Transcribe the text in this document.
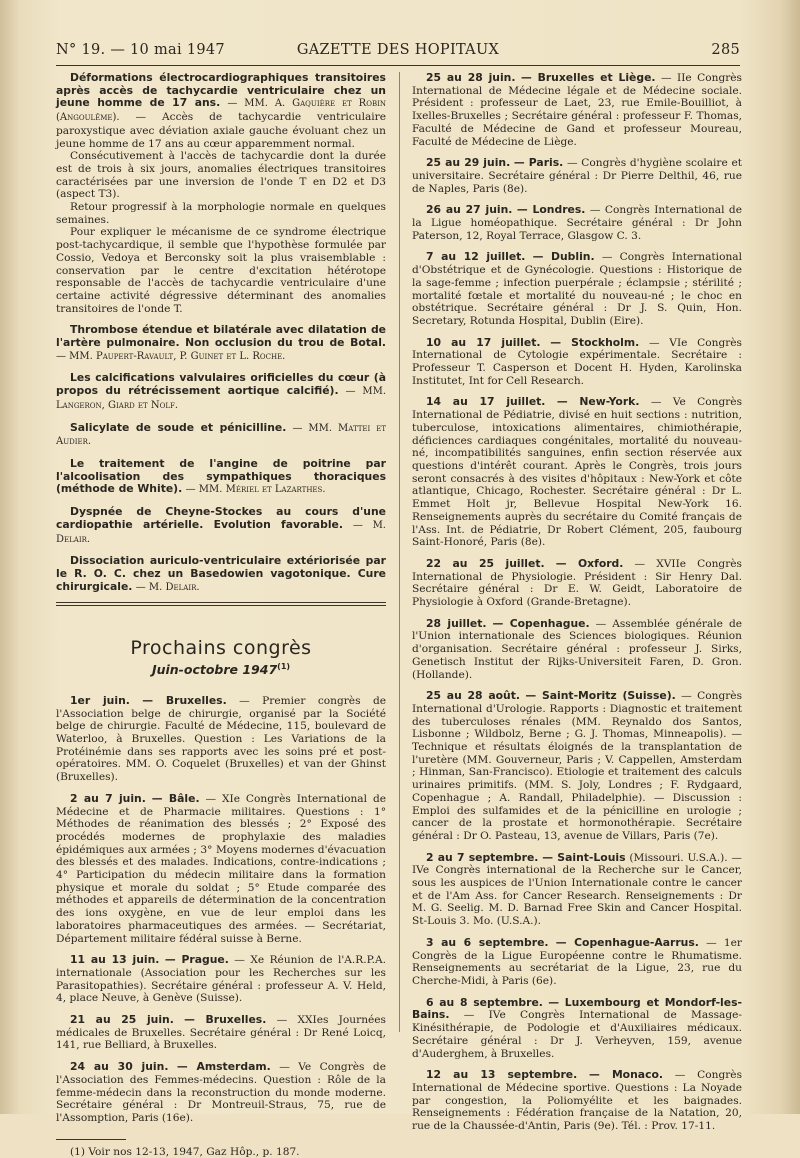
N° 19. — 10 mai 1947	GAZETTE DES HOPITAUX	285

Déformations électrocardiographiques transitoires après accès de tachycardie ventriculaire chez un jeune homme de 17 ans. — MM. A. Gaquière et Robin (Angoulême). — Accès de tachycardie ventriculaire paroxystique avec déviation axiale gauche évoluant chez un jeune homme de 17 ans au cœur apparemment normal.

Consécutivement à l'accès de tachycardie dont la durée est de trois à six jours, anomalies électriques transitoires caractérisées par une inversion de l'onde T en D2 et D3 (aspect T3).

Retour progressif à la morphologie normale en quelques semaines.

Pour expliquer le mécanisme de ce syndrome électrique post-tachycardique, il semble que l'hypothèse formulée par Cossio, Vedoya et Berconsky soit la plus vraisemblable : conservation par le centre d'excitation hétérotope responsable de l'accès de tachycardie ventriculaire d'une certaine activité dégressive déterminant des anomalies transitoires de l'onde T.

Thrombose étendue et bilatérale avec dilatation de l'artère pulmonaire. Non occlusion du trou de Botal. — MM. Paupert-Ravault, P. Guinet et L. Roche.

Les calcifications valvulaires orificielles du cœur (à propos du rétrécissement aortique calcifié). — MM. Langeron, Giard et Nolf.

Salicylate de soude et pénicilline. — MM. Mattei et Audier.

Le traitement de l'angine de poitrine par l'alcoolisation des sympathiques thoraciques (méthode de White). — MM. Mériel et Lazarthes.

Dyspnée de Cheyne-Stockes au cours d'une cardiopathie artérielle. Evolution favorable. — M. Delair.

Dissociation auriculo-ventriculaire extériorisée par le R. O. C. chez un Basedowien vagotonique. Cure chirurgicale. — M. Delair.

Prochains congrès
Juin-octobre 1947$^{(1)}$

1er juin. — Bruxelles. — Premier congrès de l'Association belge de chirurgie, organisé par la Société belge de chirurgie. Faculté de Médecine, 115, boulevard de Waterloo, à Bruxelles. Question : Les Variations de la Protéinémie dans ses rapports avec les soins pré et post-opératoires. MM. O. Coquelet (Bruxelles) et van der Ghinst (Bruxelles).

2 au 7 juin. — Bâle. — XIe Congrès International de Médecine et de Pharmacie militaires. Questions : 1° Méthodes de réanimation des blessés ; 2° Exposé des procédés modernes de prophylaxie des maladies épidémiques aux armées ; 3° Moyens modernes d'évacuation des blessés et des malades. Indications, contre-indications ; 4° Participation du médecin militaire dans la formation physique et morale du soldat ; 5° Etude comparée des méthodes et appareils de détermination de la concentration des ions oxygène, en vue de leur emploi dans les laboratoires pharmaceutiques des armées. — Secrétariat, Département militaire fédéral suisse à Berne.

11 au 13 juin. — Prague. — Xe Réunion de l'A.R.P.A. internationale (Association pour les Recherches sur les Parasitopathies). Secrétaire général : professeur A. V. Held, 4, place Neuve, à Genève (Suisse).

21 au 25 juin. — Bruxelles. — XXIes Journées médicales de Bruxelles. Secrétaire général : Dr René Loicq, 141, rue Belliard, à Bruxelles.

24 au 30 juin. — Amsterdam. — Ve Congrès de l'Association des Femmes-médecins. Question : Rôle de la femme-médecin dans la reconstruction du monde moderne. Secrétaire général : Dr Montreuil-Straus, 75, rue de l'Assomption, Paris (16e).

(1) Voir nos 12-13, 1947, Gaz Hôp., p. 187.

25 au 28 juin. — Bruxelles et Liège. — IIe Congrès International de Médecine légale et de Médecine sociale. Président : professeur de Laet, 23, rue Emile-Bouilliot, à Ixelles-Bruxelles ; Secrétaire général : professeur F. Thomas, Faculté de Médecine de Gand et professeur Moureau, Faculté de Médecine de Liège.

25 au 29 juin. — Paris. — Congrès d'hygiène scolaire et universitaire. Secrétaire général : Dr Pierre Delthil, 46, rue de Naples, Paris (8e).

26 au 27 juin. — Londres. — Congrès International de la Ligue homéopathique. Secrétaire général : Dr John Paterson, 12, Royal Terrace, Glasgow C. 3.

7 au 12 juillet. — Dublin. — Congrès International d'Obstétrique et de Gynécologie. Questions : Historique de la sage-femme ; infection puerpérale ; éclampsie ; stérilité ; mortalité fœtale et mortalité du nouveau-né ; le choc en obstétrique. Secrétaire général : Dr J. S. Quin, Hon. Secretary, Rotunda Hospital, Dublin (Eire).

10 au 17 juillet. — Stockholm. — VIe Congrès International de Cytologie expérimentale. Secrétaire : Professeur T. Casperson et Docent H. Hyden, Karolinska Institutet, Int for Cell Research.

14 au 17 juillet. — New-York. — Ve Congrès International de Pédiatrie, divisé en huit sections : nutrition, tuberculose, intoxications alimentaires, chimiothérapie, déficiences cardiaques congénitales, mortalité du nouveau-né, incompatibilités sanguines, enfin section réservée aux questions d'intérêt courant. Après le Congrès, trois jours seront consacrés à des visites d'hôpitaux : New-York et côte atlantique, Chicago, Rochester. Secrétaire général : Dr L. Emmet Holt jr, Bellevue Hospital New-York 16. Renseignements auprès du secrétaire du Comité français de l'Ass. Int. de Pédiatrie, Dr Robert Clément, 205, faubourg Saint-Honoré, Paris (8e).

22 au 25 juillet. — Oxford. — XVIIe Congrès International de Physiologie. Président : Sir Henry Dal. Secrétaire général : Dr E. W. Geidt, Laboratoire de Physiologie à Oxford (Grande-Bretagne).

28 juillet. — Copenhague. — Assemblée générale de l'Union internationale des Sciences biologiques. Réunion d'organisation. Secrétaire général : professeur J. Sirks, Genetisch Institut der Rijks-Universiteit Faren, D. Gron. (Hollande).

25 au 28 août. — Saint-Moritz (Suisse). — Congrès International d'Urologie. Rapports : Diagnostic et traitement des tuberculoses rénales (MM. Reynaldo dos Santos, Lisbonne ; Wildbolz, Berne ; G. J. Thomas, Minneapolis). — Technique et résultats éloignés de la transplantation de l'uretère (MM. Gouverneur, Paris ; V. Cappellen, Amsterdam ; Hinman, San-Francisco). Etiologie et traitement des calculs urinaires primitifs. (MM. S. Joly, Londres ; F. Rydgaard, Copenhague ; A. Randall, Philadelphie). — Discussion : Emploi des sulfamides et de la pénicilline en urologie ; cancer de la prostate et hormonothérapie. Secrétaire général : Dr O. Pasteau, 13, avenue de Villars, Paris (7e).

2 au 7 septembre. — Saint-Louis (Missouri. U.S.A.). — IVe Congrès international de la Recherche sur le Cancer, sous les auspices de l'Union Internationale contre le cancer et de l'Am Ass. for Cancer Research. Renseignements : Dr M. G. Seelig. M. D. Barnad Free Skin and Cancer Hospital. St-Louis 3. Mo. (U.S.A.).

3 au 6 septembre. — Copenhague-Aarrus. — 1er Congrès de la Ligue Européenne contre le Rhumatisme. Renseignements au secrétariat de la Ligue, 23, rue du Cherche-Midi, à Paris (6e).

6 au 8 septembre. — Luxembourg et Mondorf-les-Bains. — IVe Congrès International de Massage-Kinésithérapie, de Podologie et d'Auxiliaires médicaux. Secrétaire général : Dr J. Verheyven, 159, avenue d'Auderghem, à Bruxelles.

12 au 13 septembre. — Monaco. — Congrès International de Médecine sportive. Questions : La Noyade par congestion, la Poliomyélite et les baignades. Renseignements : Fédération française de la Natation, 20, rue de la Chaussée-d'Antin, Paris (9e). Tél. : Prov. 17-11.
